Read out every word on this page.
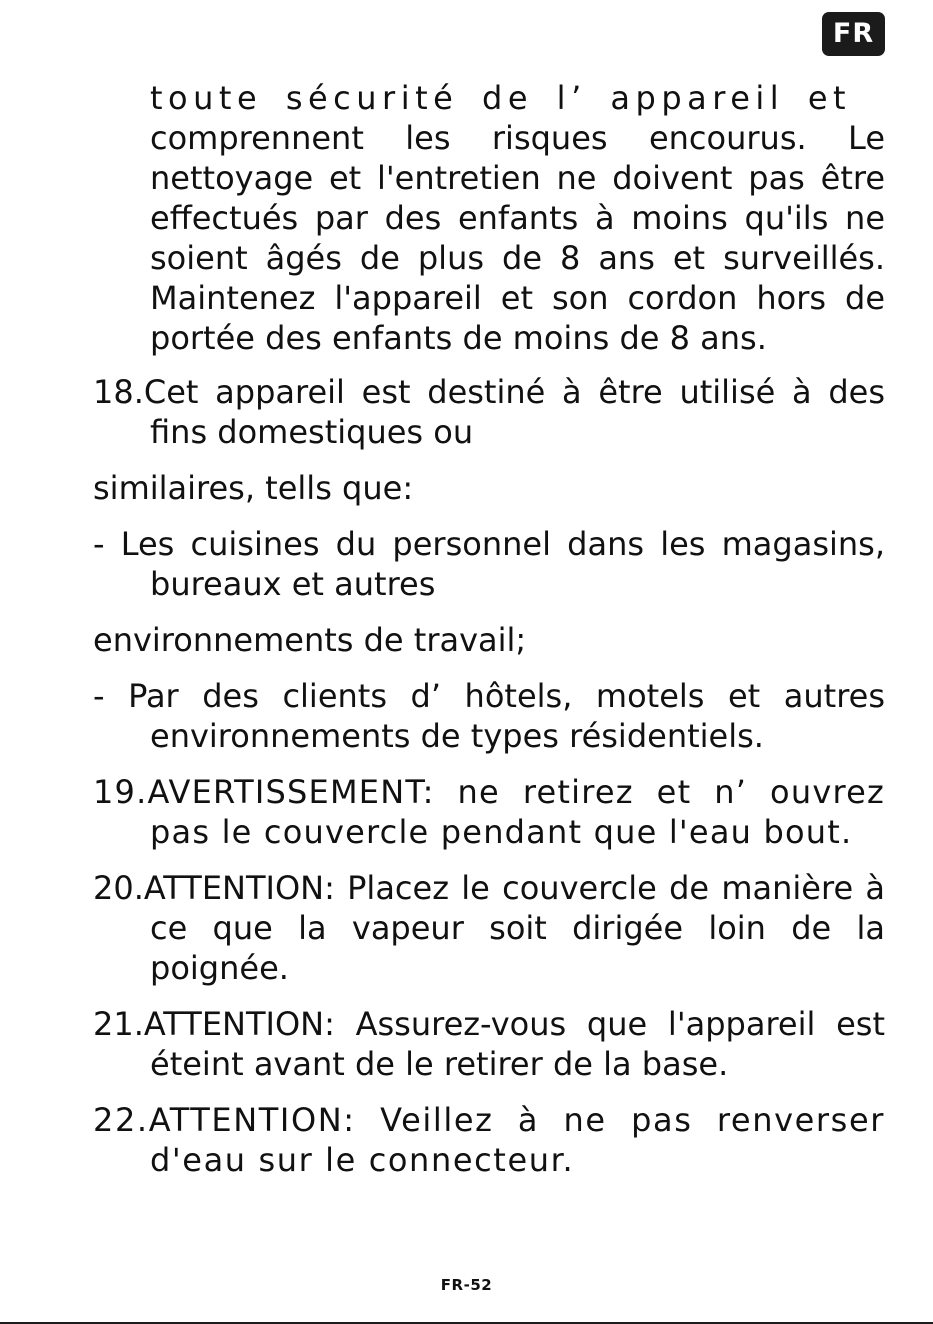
FR

toute sécurité de l’ appareil et

comprennent les risques encourus. Le nettoyage et l'entretien ne doivent pas être effectués par des enfants à moins qu'ils ne soient âgés de plus de 8 ans et surveillés. Maintenez l'appareil et son cordon hors de portée des enfants de moins de 8 ans.

18.Cet appareil est destiné à être utilisé à des fins domestiques ou

similaires, tells que:

- Les cuisines du personnel dans les magasins, bureaux et autres

environnements de travail;

- Par des clients d’ hôtels, motels et autres environnements de types résidentiels.

19.AVERTISSEMENT: ne retirez et n’ ouvrez pas le couvercle pendant que l'eau bout.

20.ATTENTION: Placez le couvercle de manière à ce que la vapeur soit dirigée loin de la poignée.

21.ATTENTION: Assurez-vous que l'appareil est éteint avant de le retirer de la base.

22.ATTENTION: Veillez à ne pas renverser d'eau sur le connecteur.

FR-52
